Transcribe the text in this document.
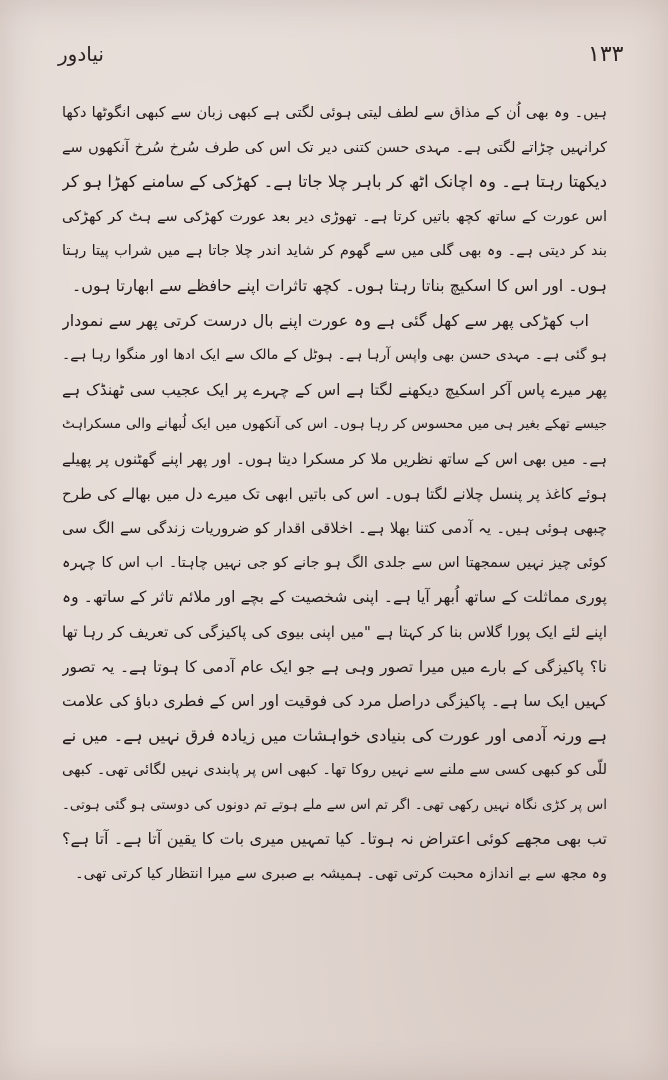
نیادور	۱۳۳
ہیں۔ وہ بھی اُن کے مذاق سے لطف لیتی ہوئی لگتی ہے کبھی زبان سے کبھی انگوٹھا دکھا
کرانہیں چڑاتے لگتی ہے۔ مہدی حسن کتنی دیر تک اس کی طرف سُرخ سُرخ آنکھوں سے
دیکھتا رہتا ہے۔ وہ اچانک اٹھ کر باہر چلا جاتا ہے۔ کھڑکی کے سامنے کھڑا ہو کر
اس عورت کے ساتھ کچھ باتیں کرتا ہے۔ تھوڑی دیر بعد عورت کھڑکی سے ہٹ کر کھڑکی
بند کر دیتی ہے۔ وہ بھی گلی میں سے گھوم کر شاید اندر چلا جاتا ہے میں شراب پیتا رہتا
ہوں۔ اور اس کا اسکیچ بناتا رہتا ہوں۔ کچھ تاثرات اپنے حافظے سے ابھارتا ہوں۔
اب کھڑکی پھر سے کھل گئی ہے وہ عورت اپنے بال درست کرتی پھر سے نمودار
ہو گئی ہے۔ مہدی حسن بھی واپس آرہا ہے۔ ہوٹل کے مالک سے ایک ادھا اور منگوا رہا ہے۔
پھر میرے پاس آکر اسکیچ دیکھنے لگتا ہے اس کے چہرے پر ایک عجیب سی ٹھنڈک ہے
جیسے تھکے بغیر ہی میں محسوس کر رہا ہوں۔ اس کی آنکھوں میں ایک لُبھانے والی مسکراہٹ
ہے۔ میں بھی اس کے ساتھ نظریں ملا کر مسکرا دیتا ہوں۔ اور پھر اپنے گھٹنوں پر پھیلے
ہوئے کاغذ پر پنسل چلانے لگتا ہوں۔ اس کی باتیں ابھی تک میرے دل میں بھالے کی طرح
چبھی ہوئی ہیں۔ یہ آدمی کتنا بھلا ہے۔ اخلاقی اقدار کو ضروریات زندگی سے الگ سی
کوئی چیز نہیں سمجھتا اس سے جلدی الگ ہو جانے کو جی نہیں چاہتا۔ اب اس کا چہرہ
پوری مماثلت کے ساتھ اُبھر آیا ہے۔ اپنی شخصیت کے بچے اور ملائم تاثر کے ساتھ۔ وہ
اپنے لئے ایک پورا گلاس بنا کر کہتا ہے "میں اپنی بیوی کی پاکیزگی کی تعریف کر رہا تھا
نا؟ پاکیزگی کے بارے میں میرا تصور وہی ہے جو ایک عام آدمی کا ہوتا ہے۔ یہ تصور
کہیں ایک سا ہے۔ پاکیزگی دراصل مرد کی فوقیت اور اس کے فطری دباؤ کی علامت
ہے ورنہ آدمی اور عورت کی بنیادی خواہشات میں زیادہ فرق نہیں ہے۔ میں نے
للّی کو کبھی کسی سے ملنے سے نہیں روکا تھا۔ کبھی اس پر پابندی نہیں لگائی تھی۔ کبھی
اس پر کڑی نگاہ نہیں رکھی تھی۔ اگر تم اس سے ملے ہوتے تم دونوں کی دوستی ہو گئی ہوتی۔
تب بھی مجھے کوئی اعتراض نہ ہوتا۔ کیا تمہیں میری بات کا یقین آتا ہے۔ آتا ہے؟
وہ مجھ سے بے اندازہ محبت کرتی تھی۔ ہمیشہ بے صبری سے میرا انتظار کیا کرتی تھی۔
